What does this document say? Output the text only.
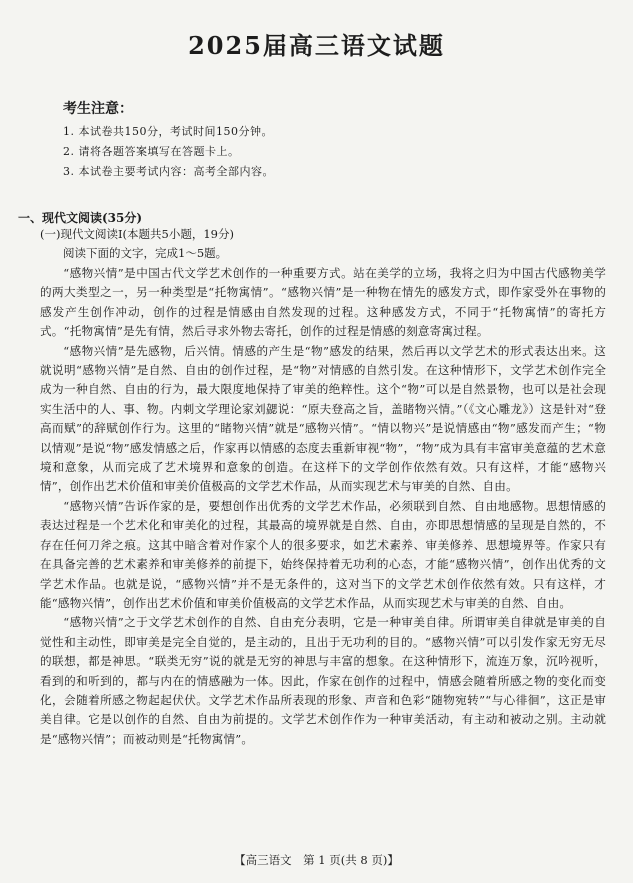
2025届高三语文试题
考生注意：
1. 本试卷共150分，考试时间150分钟。
2. 请将各题答案填写在答题卡上。
3. 本试卷主要考试内容：高考全部内容。
一、现代文阅读(35分)
(一)现代文阅读Ⅰ(本题共5小题，19分)
阅读下面的文字，完成1～5题。

“感物兴情”是中国古代文学艺术创作的一种重要方式。站在美学的立场，我将之归为中国古代感物美学的两大类型之一，另一种类型是“托物寓情”。“感物兴情”是一种物在情先的感发方式，即作家受外在事物的感发产生创作冲动，创作的过程是情感由自然发现的过程。这种感发方式，不同于“托物寓情”的寄托方式。“托物寓情”是先有情，然后寻求外物去寄托，创作的过程是情感的刻意寄寓过程。

“感物兴情”是先感物，后兴情。情感的产生是“物”感发的结果，然后再以文学艺术的形式表达出来。这就说明“感物兴情”是自然、自由的创作过程，是“物”对情感的自然引发。在这种情形下，文学艺术创作完全成为一种自然、自由的行为，最大限度地保持了审美的绝粹性。这个“物”可以是自然景物，也可以是社会现实生活中的人、事、物。内刺文学理论家刘勰说：“原夫登高之旨，盖睹物兴情。”（《文心雕龙》）这是针对“登高而赋”的辞赋创作行为。这里的“睹物兴情”就是“感物兴情”。“情以物兴”是说情感由“物”感发而产生；“物以情观”是说“物”感发情感之后，作家再以情感的态度去重新审视“物”，“物”成为具有丰富审美意蕴的艺术意境和意象，从而完成了艺术境界和意象的创造。在这样下的文学创作依然有效。只有这样，才能“感物兴情”，创作出艺术价值和审美价值极高的文学艺术作品，从而实现艺术与审美的自然、自由。

“感物兴情”告诉作家的是，要想创作出优秀的文学艺术作品，必须联到自然、自由地感物。思想情感的表达过程是一个艺术化和审美化的过程，其最高的境界就是自然、自由，亦即思想情感的呈现是自然的，不存在任何刀斧之痕。这其中暗含着对作家个人的很多要求，如艺术素养、审美修养、思想境界等。作家只有在具备完善的艺术素养和审美修养的前提下，始终保持着无功利的心态，才能“感物兴情”，创作出优秀的文学艺术作品。也就是说，“感物兴情”并不是无条件的，这对当下的文学艺术创作依然有效。只有这样，才能“感物兴情”，创作出艺术价值和审美价值极高的文学艺术作品，从而实现艺术与审美的自然、自由。

“感物兴情”之于文学艺术创作的自然、自由充分表明，它是一种审美自律。所谓审美自律就是审美的自觉性和主动性，即审美是完全自觉的，是主动的，且出于无功利的目的。“感物兴情”可以引发作家无穷无尽的联想，都是神思。“联类无穷”说的就是无穷的神思与丰富的想象。在这种情形下，流连万象，沉吟视听，看到的和听到的，都与内在的情感融为一体。因此，作家在创作的过程中，情感会随着所感之物的变化而变化，会随着所感之物起起伏伏。文学艺术作品所表现的形象、声音和色彩“随物宛转”“与心徘徊”，这正是审美自律。它是以创作的自然、自由为前提的。文学艺术创作作为一种审美活动，有主动和被动之别。主动就是“感物兴情”；而被动则是“托物寓情”。

【高三语文　第 1 页(共 8 页)】
